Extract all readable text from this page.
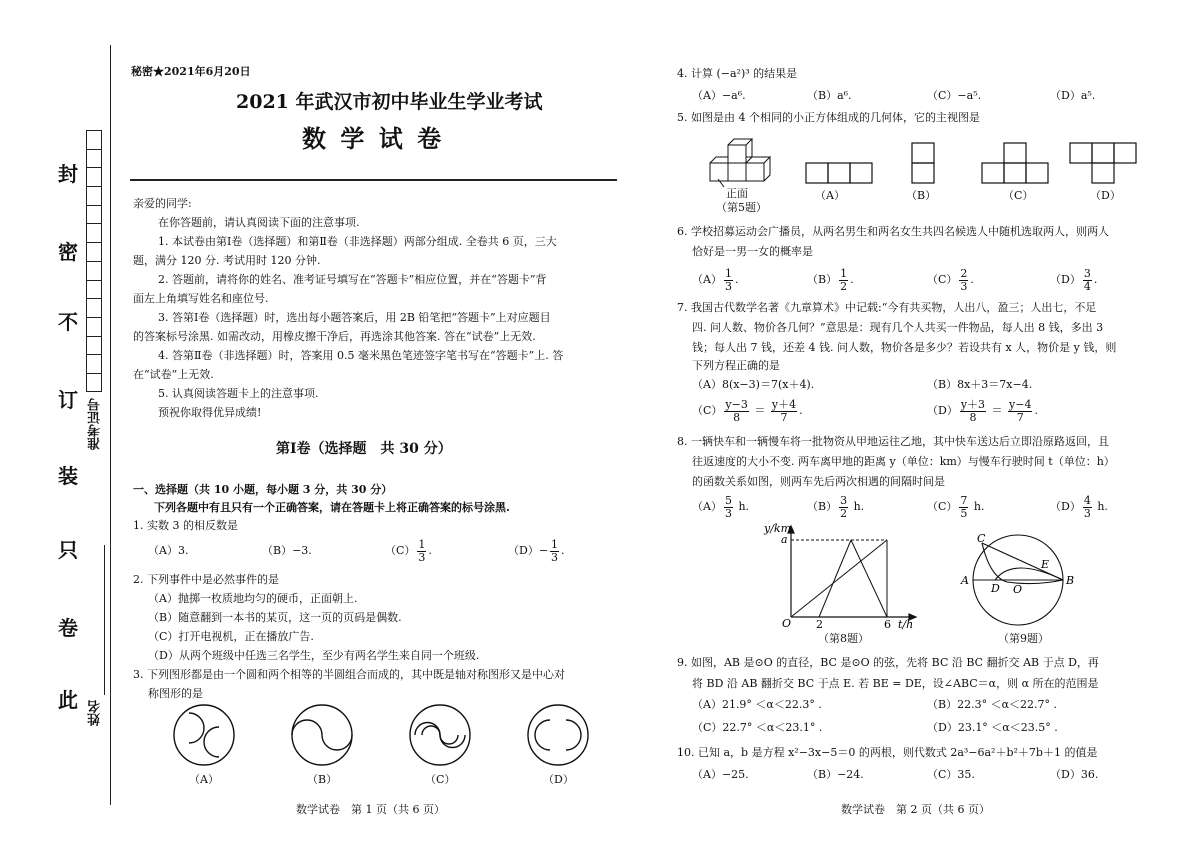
封
密
不
订
装
只
卷
此
准考证号
姓名
秘密★2021年6月20日
2021 年武汉市初中毕业生学业考试
数 学 试 卷
亲爱的同学:
在你答题前，请认真阅读下面的注意事项.
1. 本试卷由第Ⅰ卷（选择题）和第Ⅱ卷（非选择题）两部分组成. 全卷共 6 页，三大
题，满分 120 分. 考试用时 120 分钟.
2. 答题前，请将你的姓名、准考证号填写在“答题卡”相应位置，并在“答题卡”背
面左上角填写姓名和座位号.
3. 答第Ⅰ卷（选择题）时，选出每小题答案后，用 2B 铅笔把“答题卡”上对应题目
的答案标号涂黑. 如需改动，用橡皮擦干净后，再选涂其他答案. 答在“试卷”上无效.
4. 答第Ⅱ卷（非选择题）时，答案用 0.5 毫米黑色笔迹签字笔书写在“答题卡”上. 答
在“试卷”上无效.
5. 认真阅读答题卡上的注意事项.
预祝你取得优异成绩!
第Ⅰ卷（选择题　共 30 分）
一、选择题（共 10 小题，每小题 3 分，共 30 分）
下列各题中有且只有一个正确答案，请在答题卡上将正确答案的标号涂黑.
1. 实数 3 的相反数是
（A）3.	（B）−3.	$(C) \frac{1}{3}$ .	$(D)- \frac{1}{3}$ .
2. 下列事件中是必然事件的是
（A）抛掷一枚质地均匀的硬币，正面朝上.
（B）随意翻到一本书的某页，这一页的页码是偶数.
（C）打开电视机，正在播放广告.
（D）从两个班级中任选三名学生，至少有两名学生来自同一个班级.
3. 下列图形都是由一个圆和两个相等的半圆组合而成的，其中既是轴对称图形又是中心对
称图形的是
（A）	（B）	（C）	（D）
数学试卷　第 1 页（共 6 页）
4. 计算 (−a²)³ 的结果是
（A）−a⁶.	（B）a⁶.	（C）−a⁵.	（D）a⁵.
5. 如图是由 4 个相同的小正方体组成的几何体，它的主视图是
正面
（第5题）
（A）	（B）	（C）	（D）
6. 学校招募运动会广播员，从两名男生和两名女生共四名候选人中随机选取两人，则两人
恰好是一男一女的概率是
$(A) \frac{1}{3}$ .	$(B) \frac{1}{2}$ .	$(C) \frac{2}{3}$ .	$(D) \frac{3}{4}$ .
7. 我国古代数学名著《九章算术》中记载:“今有共买物，人出八，盈三；人出七，不足
四. 问人数、物价各几何？”意思是：现有几个人共买一件物品，每人出 8 钱，多出 3
钱；每人出 7 钱，还差 4 钱. 问人数，物价各是多少？若设共有 x 人，物价是 y 钱，则
下列方程正确的是
（A）8(x−3)＝7(x＋4).	（B）8x＋3＝7x−4.
$(C) \frac{y-3}{8} = \frac{y+4}{7}$ .	$(D) \frac{y+3}{8} = \frac{y-4}{7}$ .
8. 一辆快车和一辆慢车将一批物资从甲地运往乙地，其中快车送达后立即沿原路返回，且
往返速度的大小不变. 两车离甲地的距离 y（单位：km）与慢车行驶时间 t（单位：h）
的函数关系如图，则两车先后两次相遇的间隔时间是
$(A) \frac{5}{3} h$.	$(B) \frac{3}{2} h$.	$(C) \frac{7}{5} h$.	$(D) \frac{4}{3} h$.
y/km
a
O 2	6 t/h
（第8题）
C
A
D O
E
B
（第9题）
9. 如图，AB 是⊙O 的直径，BC 是⊙O 的弦，先将 BC 沿 BC 翻折交 AB 于点 D，再
将 BD 沿 AB 翻折交 BC 于点 E. 若 BE = DE，设∠ABC＝α，则 α 所在的范围是
（A）21.9° ＜α＜22.3° .	（B）22.3° ＜α＜22.7° .
（C）22.7° ＜α＜23.1° .	（D）23.1° ＜α＜23.5° .
10. 已知 a，b 是方程 x²−3x−5＝0 的两根，则代数式 2a³−6a²＋b²＋7b＋1 的值是
（A）−25.	（B）−24.	（C）35.	（D）36.
数学试卷　第 2 页（共 6 页）
